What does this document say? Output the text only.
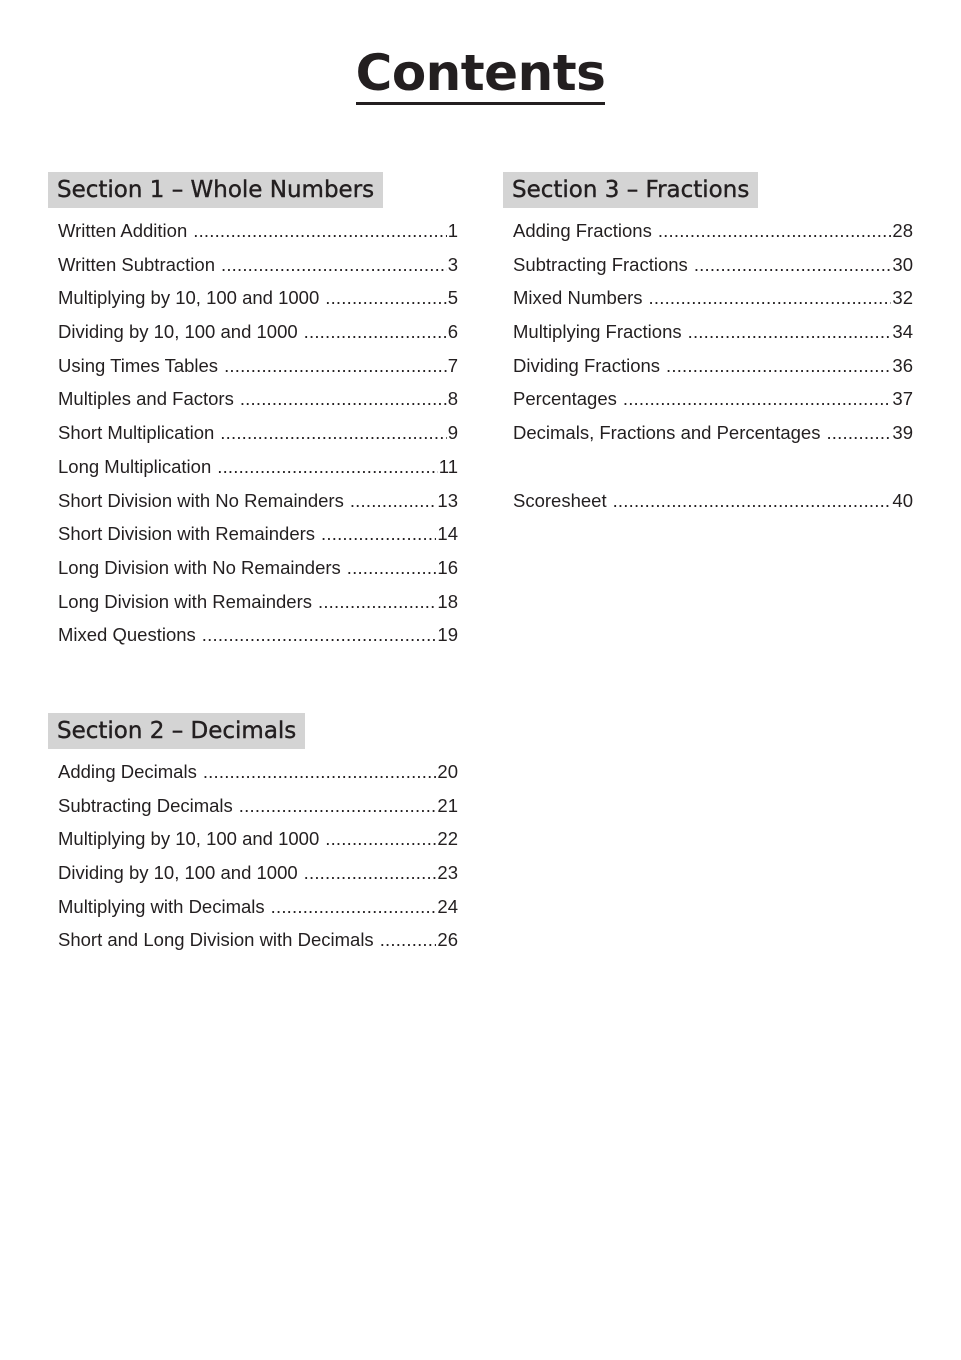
Contents
Section 1 – Whole Numbers
Written Addition .....	1
Written Subtraction .....	3
Multiplying by 10, 100 and 1000 .....	5
Dividing by 10, 100 and 1000 .....	6
Using Times Tables .....	7
Multiples and Factors .....	8
Short Multiplication .....	9
Long Multiplication .....	11
Short Division with No Remainders .....	13
Short Division with Remainders .....	14
Long Division with No Remainders .....	16
Long Division with Remainders .....	18
Mixed Questions .....	19
Section 2 – Decimals
Adding Decimals .....	20
Subtracting Decimals .....	21
Multiplying by 10, 100 and 1000 .....	22
Dividing by 10, 100 and 1000 .....	23
Multiplying with Decimals .....	24
Short and Long Division with Decimals .....	26
Section 3 – Fractions
Adding Fractions .....	28
Subtracting Fractions .....	30
Mixed Numbers .....	32
Multiplying Fractions .....	34
Dividing Fractions .....	36
Percentages .....	37
Decimals, Fractions and Percentages .....	39
Scoresheet .....	40
